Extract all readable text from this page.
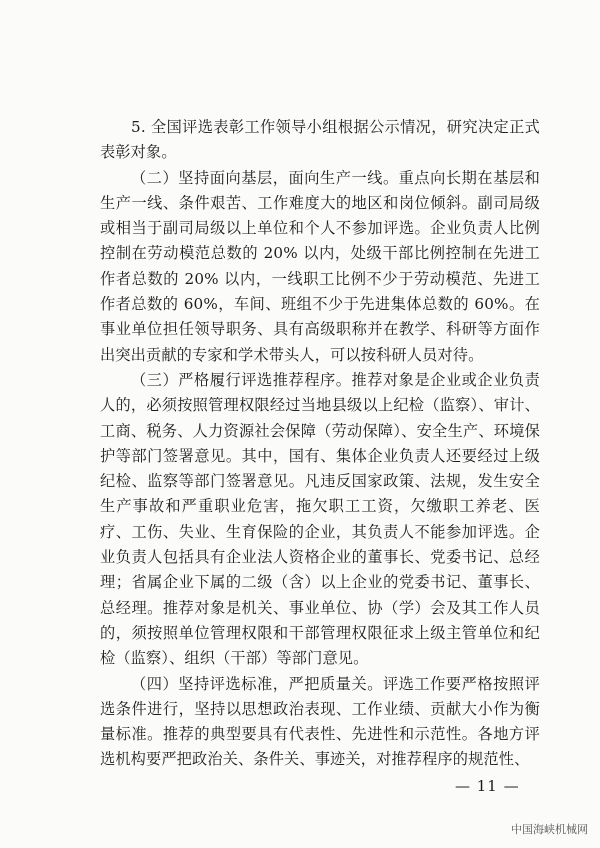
5. 全国评选表彰工作领导小组根据公示情况，研究决定正式表彰对象。

（二）坚持面向基层，面向生产一线。重点向长期在基层和生产一线、条件艰苦、工作难度大的地区和岗位倾斜。副司局级或相当于副司局级以上单位和个人不参加评选。企业负责人比例控制在劳动模范总数的 20% 以内，处级干部比例控制在先进工作者总数的 20% 以内，一线职工比例不少于劳动模范、先进工作者总数的 60%，车间、班组不少于先进集体总数的 60%。在事业单位担任领导职务、具有高级职称并在教学、科研等方面作出突出贡献的专家和学术带头人，可以按科研人员对待。

（三）严格履行评选推荐程序。推荐对象是企业或企业负责人的，必须按照管理权限经过当地县级以上纪检（监察）、审计、工商、税务、人力资源社会保障（劳动保障）、安全生产、环境保护等部门签署意见。其中，国有、集体企业负责人还要经过上级纪检、监察等部门签署意见。凡违反国家政策、法规，发生安全生产事故和严重职业危害，拖欠职工工资，欠缴职工养老、医疗、工伤、失业、生育保险的企业，其负责人不能参加评选。企业负责人包括具有企业法人资格企业的董事长、党委书记、总经理；省属企业下属的二级（含）以上企业的党委书记、董事长、总经理。推荐对象是机关、事业单位、协（学）会及其工作人员的，须按照单位管理权限和干部管理权限征求上级主管单位和纪检（监察）、组织（干部）等部门意见。

（四）坚持评选标准，严把质量关。评选工作要严格按照评选条件进行，坚持以思想政治表现、工作业绩、贡献大小作为衡量标准。推荐的典型要具有代表性、先进性和示范性。各地方评选机构要严把政治关、条件关、事迹关，对推荐程序的规范性、

— 11 —
中国海峡机械网
